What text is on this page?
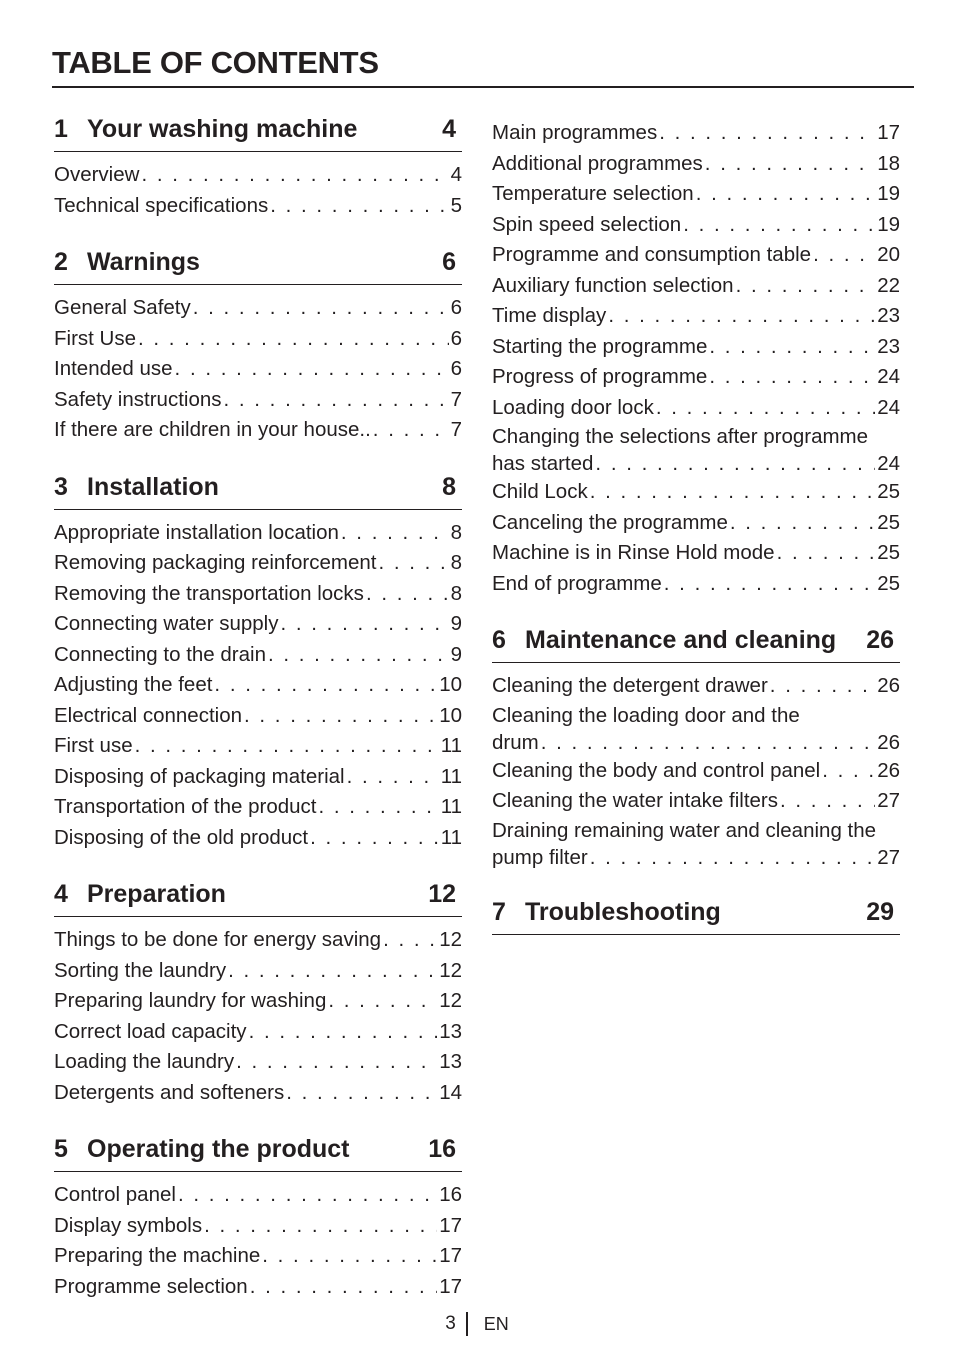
TABLE OF CONTENTS
1 Your washing machine	4
Overview . . .	4
Technical specifications . . .	5
2 Warnings	6
General Safety . . .	6
First Use . . .	6
Intended use . . .	6
Safety instructions . . .	7
If there are children in your house.. . . .	7
3 Installation	8
Appropriate installation location . . .	8
Removing packaging reinforcement . . .	8
Removing the transportation locks . . .	8
Connecting water supply . . .	9
Connecting to the drain . . .	9
Adjusting the feet . . .	10
Electrical connection . . .	10
First use . . .	11
Disposing of packaging material . . .	11
Transportation of the product . . .	11
Disposing of the old product . . .	11
4 Preparation	12
Things to be done for energy saving . . .	12
Sorting the laundry . . .	12
Preparing laundry for washing . . .	12
Correct load capacity . . .	13
Loading the laundry . . .	13
Detergents and softeners . . .	14
5 Operating the product	16
Control panel . . .	16
Display symbols . . .	17
Preparing the machine . . .	17
Programme selection . . .	17
Main programmes . . .	17
Additional programmes . . .	18
Temperature selection . . .	19
Spin speed selection . . .	19
Programme and consumption table . . .	20
Auxiliary function selection . . .	22
Time display . . .	23
Starting the programme . . .	23
Progress of programme . . .	24
Loading door lock . . .	24
Changing the selections after programme
has started . . .	24
Child Lock . . .	25
Canceling the programme . . .	25
Machine is in Rinse Hold mode . . .	25
End of programme . . .	25
6 Maintenance and cleaning	26
Cleaning the detergent drawer . . .	26
Cleaning the loading door and the
drum . . .	26
Cleaning the body and control panel . . .	26
Cleaning the water intake filters . . .	27
Draining remaining water and cleaning the
pump filter . . .	27
7 Troubleshooting	29
3	EN
